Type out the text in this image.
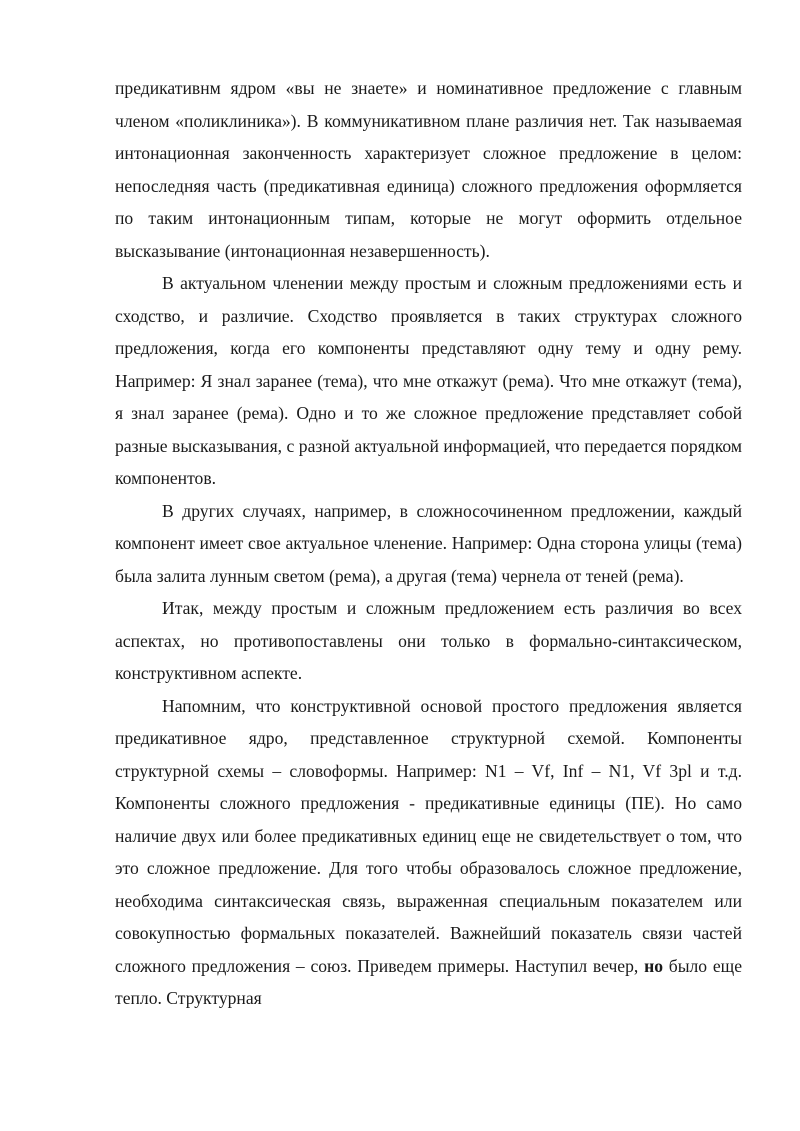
предикативнм ядром «вы не знаете» и номинативное предложение с главным членом «поликлиника»). В коммуникативном плане различия нет. Так называемая интонационная законченность характеризует сложное предложение в целом: непоследняя часть (предикативная единица) сложного предложения оформляется по таким интонационным типам, которые не могут оформить отдельное высказывание (интонационная незавершенность).

В актуальном членении между простым и сложным предложениями есть и сходство, и различие. Сходство проявляется в таких структурах сложного предложения, когда его компоненты представляют одну тему и одну рему. Например: Я знал заранее (тема), что мне откажут (рема). Что мне откажут (тема), я знал заранее (рема). Одно и то же сложное предложение представляет собой разные высказывания, с разной актуальной информацией, что передается порядком компонентов.

В других случаях, например, в сложносочиненном предложении, каждый компонент имеет свое актуальное членение. Например: Одна сторона улицы (тема) была залита лунным светом (рема), а другая (тема) чернела от теней (рема).

Итак, между простым и сложным предложением есть различия во всех аспектах, но противопоставлены они только в формально-синтаксическом, конструктивном аспекте.

Напомним, что конструктивной основой простого предложения является предикативное ядро, представленное структурной схемой. Компоненты структурной схемы – словоформы. Например: N1 – Vf, Inf – N1, Vf 3pl и т.д. Компоненты сложного предложения - предикативные единицы (ПЕ). Но само наличие двух или более предикативных единиц еще не свидетельствует о том, что это сложное предложение. Для того чтобы образовалось сложное предложение, необходима синтаксическая связь, выраженная специальным показателем или совокупностью формальных показателей. Важнейший показатель связи частей сложного предложения – союз. Приведем примеры. Наступил вечер, но было еще тепло. Структурная
